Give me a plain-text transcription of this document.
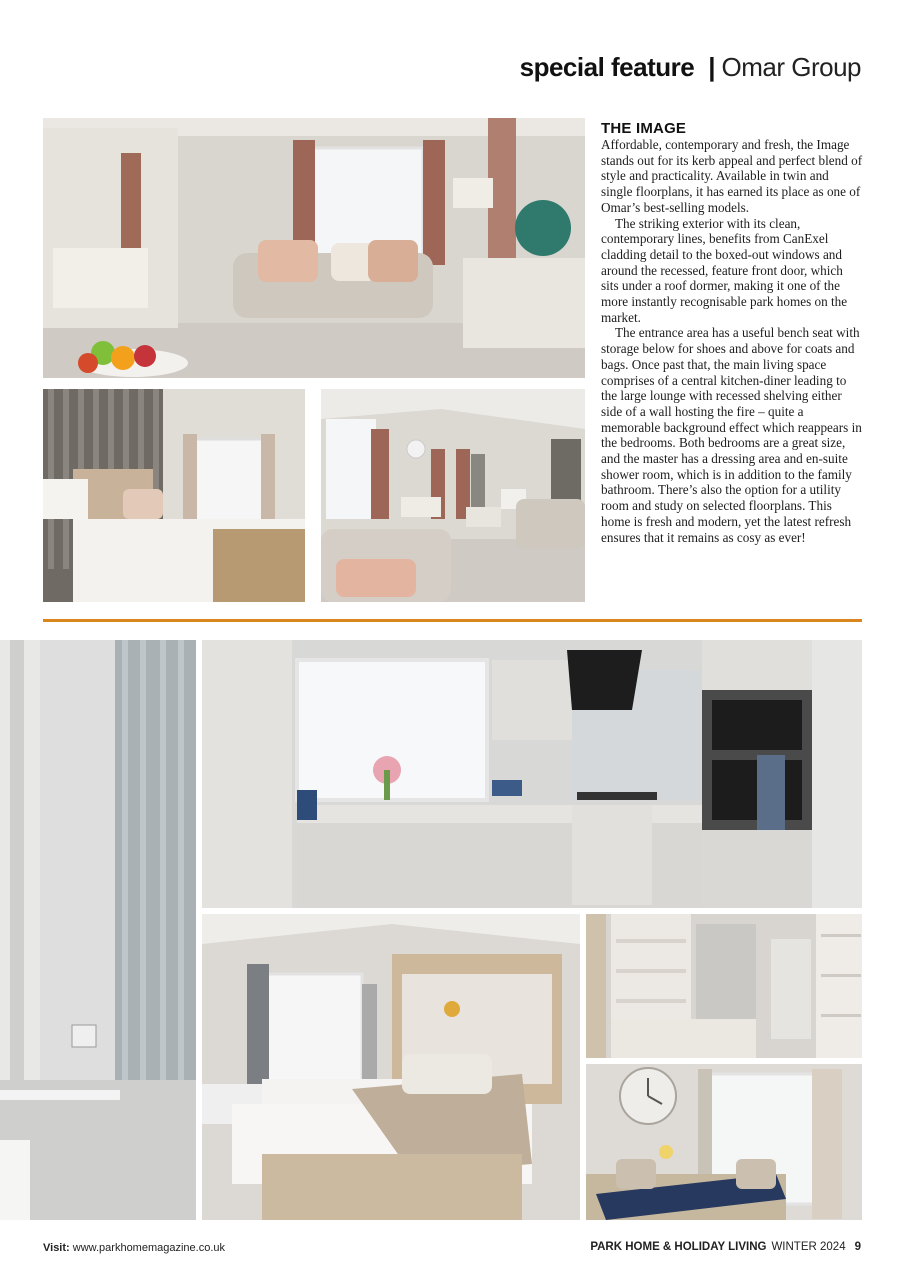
special feature | Omar Group
THE IMAGE

Affordable, contemporary and fresh, the Image stands out for its kerb appeal and perfect blend of style and practicality. Available in twin and single floorplans, it has earned its place as one of Omar’s best-selling models.

The striking exterior with its clean, contemporary lines, benefits from CanExel cladding detail to the boxed-out windows and around the recessed, feature front door, which sits under a roof dormer, making it one of the more instantly recognisable park homes on the market.

The entrance area has a useful bench seat with storage below for shoes and above for coats and bags. Once past that, the main living space comprises of a central kitchen-diner leading to the large lounge with recessed shelving either side of a wall hosting the fire – quite a memorable background effect which reappears in the bedrooms. Both bedrooms are a great size, and the master has a dressing area and en-suite shower room, which is in addition to the family bathroom. There’s also the option for a utility room and study on selected floorplans. This home is fresh and modern, yet the latest refresh ensures that it remains as cosy as ever!

Visit: www.parkhomemagazine.co.uk	PARK HOME & HOLIDAY LIVING WINTER 2024 9
